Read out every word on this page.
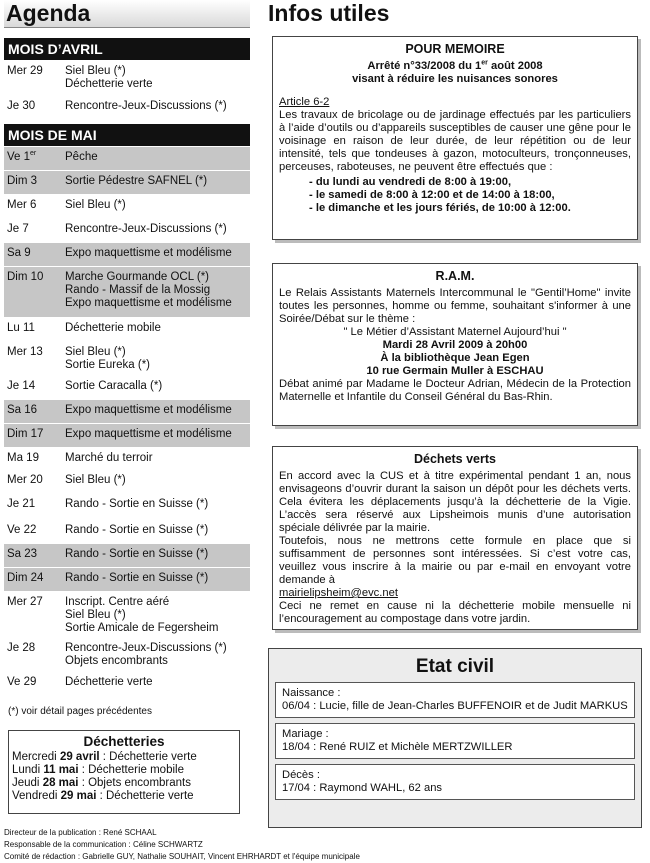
Agenda
MOIS D’AVRIL
Mer 29	Siel Bleu (*)
Déchetterie verte
Je 30	Rencontre-Jeux-Discussions (*)
MOIS DE MAI
Ve 1er	Pêche
Dim 3	Sortie Pédestre SAFNEL (*)
Mer 6	Siel Bleu (*)
Je 7	Rencontre-Jeux-Discussions (*)
Sa 9	Expo maquettisme et modélisme
Dim 10	Marche Gourmande OCL (*)
Rando - Massif de la Mossig
Expo maquettisme et modélisme
Lu 11	Déchetterie mobile
Mer 13	Siel Bleu (*)
Sortie Eureka (*)
Je 14	Sortie Caracalla (*)
Sa 16	Expo maquettisme et modélisme
Dim 17	Expo maquettisme et modélisme
Ma 19	Marché du terroir
Mer 20	Siel Bleu (*)
Je 21	Rando - Sortie en Suisse (*)
Ve 22	Rando - Sortie en Suisse (*)
Sa 23	Rando - Sortie en Suisse (*)
Dim 24	Rando - Sortie en Suisse (*)
Mer 27	Inscript. Centre aéré
Siel Bleu (*)
Sortie Amicale de Fegersheim
Je 28	Rencontre-Jeux-Discussions (*)
Objets encombrants
Ve 29	Déchetterie verte
(*) voir détail pages précédentes
Déchetteries
Mercredi 29 avril : Déchetterie verte
Lundi 11 mai : Déchetterie mobile
Jeudi 28 mai : Objets encombrants
Vendredi 29 mai : Déchetterie verte
Directeur de la publication : René SCHAAL
Responsable de la communication : Céline SCHWARTZ
Comité de rédaction : Gabrielle GUY, Nathalie SOUHAIT, Vincent EHRHARDT et l'équipe municipale
Infos utiles
POUR MEMOIRE
Arrêté n°33/2008 du 1er août 2008
visant à réduire les nuisances sonores
Article 6-2

Les travaux de bricolage ou de jardinage effectués par les particuliers à l’aide d’outils ou d’appareils susceptibles de causer une gêne pour le voisinage en raison de leur durée, de leur répétition ou de leur intensité, tels que tondeuses à gazon, motoculteurs, tronçonneuses, perceuses, raboteuses, ne peuvent être effectués que :

- du lundi au vendredi de 8:00 à 19:00,
- le samedi de 8:00 à 12:00 et de 14:00 à 18:00,
- le dimanche et les jours fériés, de 10:00 à 12:00.
R.A.M.

Le Relais Assistants Maternels Intercommunal le "Gentil’Home" invite toutes les personnes, homme ou femme, souhaitant s'informer à une Soirée/Débat sur le thème :

" Le Métier d’Assistant Maternel Aujourd’hui "
Mardi 28 Avril 2009 à 20h00
À la bibliothèque Jean Egen
10 rue Germain Muller à ESCHAU

Débat animé par Madame le Docteur Adrian, Médecin de la Protection Maternelle et Infantile du Conseil Général du Bas-Rhin.

Déchets verts

En accord avec la CUS et à titre expérimental pendant 1 an, nous envisageons d’ouvrir durant la saison un dépôt pour les déchets verts. Cela évitera les déplacements jusqu’à la déchetterie de la Vigie. L’accès sera réservé aux Lipsheimois munis d’une autorisation spéciale délivrée par la mairie.

Toutefois, nous ne mettrons cette formule en place que si suffisamment de personnes sont intéressées. Si c’est votre cas, veuillez vous inscrire à la mairie ou par e-mail en envoyant votre demande à

mairielipsheim@evc.net

Ceci ne remet en cause ni la déchetterie mobile mensuelle ni l’encouragement au compostage dans votre jardin.

Etat civil
Naissance :
06/04 : Lucie, fille de Jean-Charles BUFFENOIR et de Judit MARKUS
Mariage :
18/04 : René RUIZ et Michèle MERTZWILLER
Décès :
17/04 : Raymond WAHL, 62 ans
